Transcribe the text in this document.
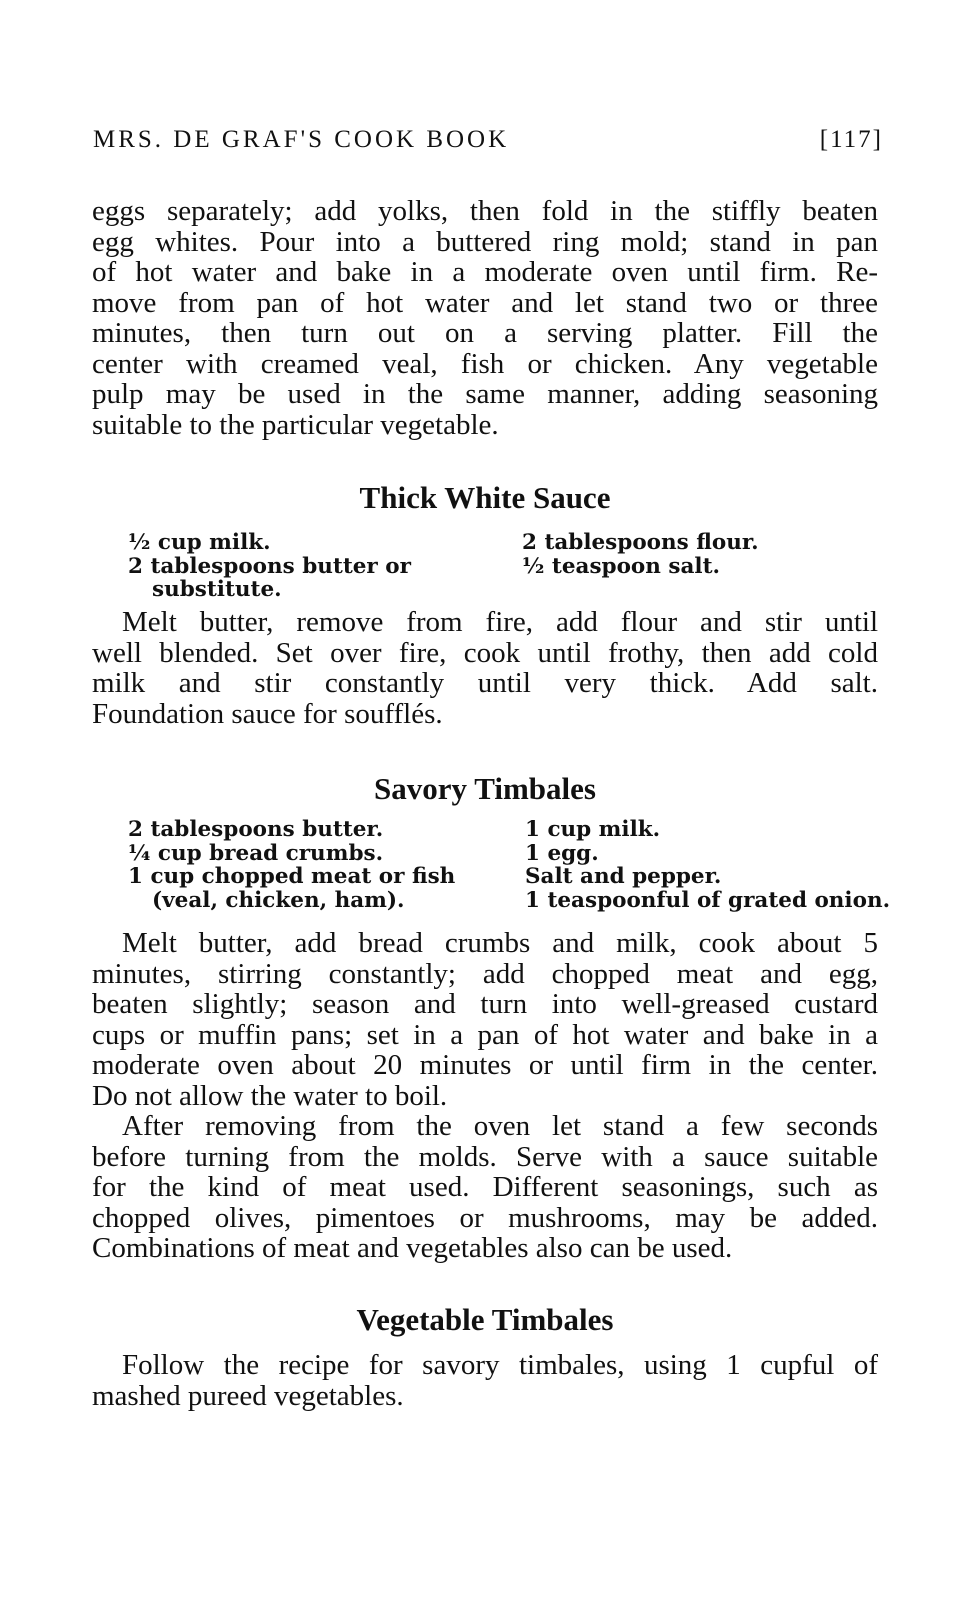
MRS. DE GRAF'S COOK BOOK	[117]
eggs separately; add yolks, then fold in the stiffly beaten
egg whites. Pour into a buttered ring mold; stand in pan
of hot water and bake in a moderate oven until firm. Re-
move from pan of hot water and let stand two or three
minutes, then turn out on a serving platter. Fill the
center with creamed veal, fish or chicken. Any vegetable
pulp may be used in the same manner, adding seasoning
suitable to the particular vegetable.
Thick White Sauce
½ cup milk.
2 tablespoons butter or
substitute.
2 tablespoons flour.
½ teaspoon salt.
Melt butter, remove from fire, add flour and stir until
well blended. Set over fire, cook until frothy, then add cold
milk and stir constantly until very thick. Add salt.
Foundation sauce for soufflés.
Savory Timbales
2 tablespoons butter.
¼ cup bread crumbs.
1 cup chopped meat or fish
(veal, chicken, ham).
1 cup milk.
1 egg.
Salt and pepper.
1 teaspoonful of grated onion.
Melt butter, add bread crumbs and milk, cook about 5
minutes, stirring constantly; add chopped meat and egg,
beaten slightly; season and turn into well-greased custard
cups or muffin pans; set in a pan of hot water and bake in a
moderate oven about 20 minutes or until firm in the center.
Do not allow the water to boil.
After removing from the oven let stand a few seconds
before turning from the molds. Serve with a sauce suitable
for the kind of meat used. Different seasonings, such as
chopped olives, pimentoes or mushrooms, may be added.
Combinations of meat and vegetables also can be used.
Vegetable Timbales
Follow the recipe for savory timbales, using 1 cupful of
mashed pureed vegetables.
